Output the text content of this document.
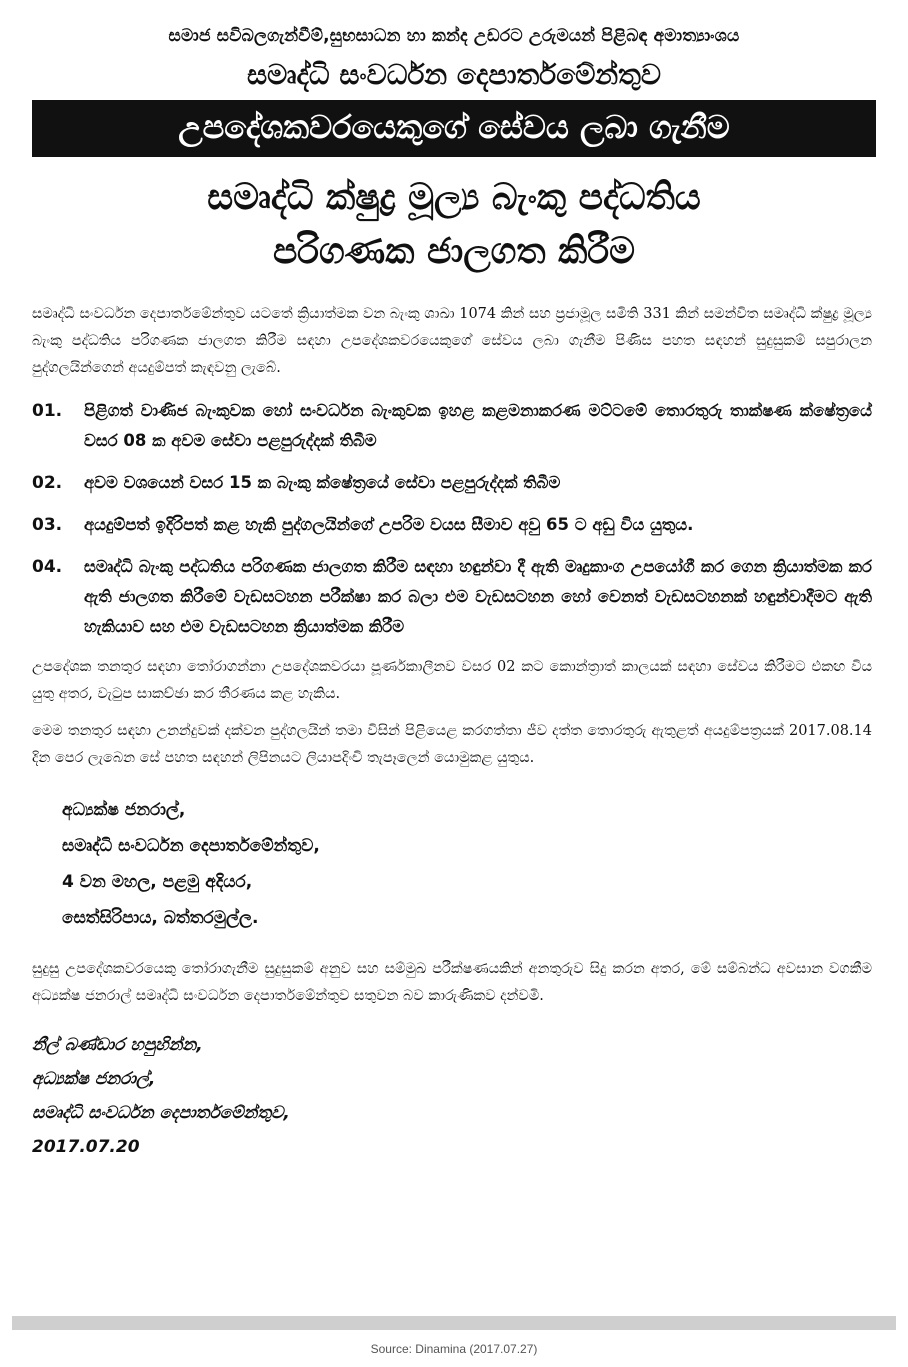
සමාජ සවිබලගැන්වීම්,සුභසාධන හා කන්ද උඩරට උරුමයන් පිළිබඳ අමාත්‍යාංශය
සමෘද්ධි සංවර්ධන දෙපාර්තමේන්තුව
උපදේශකවරයෙකුගේ සේවය ලබා ගැනීම
සමෘද්ධි ක්ෂුද්‍ර මූල්‍ය බැංකු පද්ධතිය
පරිගණක ජාලගත කිරීම
සමෘද්ධි සංවර්ධන දෙපාර්තමේන්තුව යටතේ ක්‍රියාත්මක වන බැංකු ශාඛා 1074 කින් සහ ප්‍රජාමූල සමිති 331 කින් සමන්විත සමෘද්ධි ක්ෂුද්‍ර මූල්‍ය බැංකු පද්ධතිය පරිගණක ජාලගත කිරීම සඳහා උපදේශකවරයෙකුගේ සේවය ලබා ගැනීම පිණිස පහත සඳහන් සුදුසුකම් සපුරාලන පුද්ගලයින්ගෙන් අයදුම්පත් කැඳවනු ලැබේ.
01.	පිළිගත් වාණිජ බැංකුවක හෝ සංවර්ධන බැංකුවක ඉහළ කළමනාකරණ මට්ටමේ තොරතුරු තාක්ෂණ ක්ෂේත්‍රයේ වසර 08 ක අවම සේවා පළපුරුද්දක් තිබීම
02.	අවම වශයෙන් වසර 15 ක බැංකු ක්ෂේත්‍රයේ සේවා පළපුරුද්දක් තිබීම
03.	අයදුම්පත් ඉදිරිපත් කළ හැකි පුද්ගලයින්ගේ උපරිම වයස සීමාව අවු 65 ට අඩු විය යුතුය.
04.	සමෘද්ධි බැංකු පද්ධතිය පරිගණක ජාලගත කිරීම සඳහා හඳුන්වා දී ඇති මෘදුකාංග උපයෝගී කර ගෙන ක්‍රියාත්මක කර ඇති ජාලගත කිරීමේ වැඩසටහන පරීක්ෂා කර බලා එම වැඩසටහන හෝ වෙනත් වැඩසටහනක් හඳුන්වාදීමට ඇති හැකියාව සහ එම වැඩසටහන ක්‍රියාත්මක කිරීම
උපදේශක තනතුර සඳහා තෝරාගන්නා උපදේශකවරයා පූර්ණකාලීනව වසර 02 කට කොන්ත්‍රාත් කාලයක් සඳහා සේවය කිරීමට එකඟ විය යුතු අතර, වැටුප සාකච්ඡා කර තීරණය කළ හැකිය.
මෙම තනතුර සඳහා උනන්දුවක් දක්වන පුද්ගලයින් තමා විසින් පිළියෙළ කරගත්තා ජීව දත්ත තොරතුරු ඇතුළත් අයදුම්පත්‍රයක් 2017.08.14 දින පෙර ලැබෙන සේ පහත සඳහන් ලිපිනයට ලියාපදිංචි තැපෑලෙන් යොමුකළ යුතුය.
අධ්‍යක්ෂ ජනරාල්,
සමෘද්ධි සංවර්ධන දෙපාර්තමේන්තුව,
4 වන මහල, පළමු අදියර,
සෙත්සිරිපාය, බත්තරමුල්ල.
සුදුසු උපදේශකවරයෙකු තෝරාගැනීම සුදුසුකම් අනුව සහ සම්මුඛ පරීක්ෂණයකින් අනතුරුව සිදු කරන අතර, මේ සම්බන්ධ අවසාන වගකීම අධ්‍යක්ෂ ජනරාල් සමෘද්ධි සංවර්ධන දෙපාර්තමේන්තුව සතුවන බව කාරුණිකව දන්වමි.
නීල් බණ්ඩාර හපුහින්න,
අධ්‍යක්ෂ ජනරාල්,
සමෘද්ධි සංවර්ධන දෙපාර්තමේන්තුව,
2017.07.20
Source: Dinamina (2017.07.27)
